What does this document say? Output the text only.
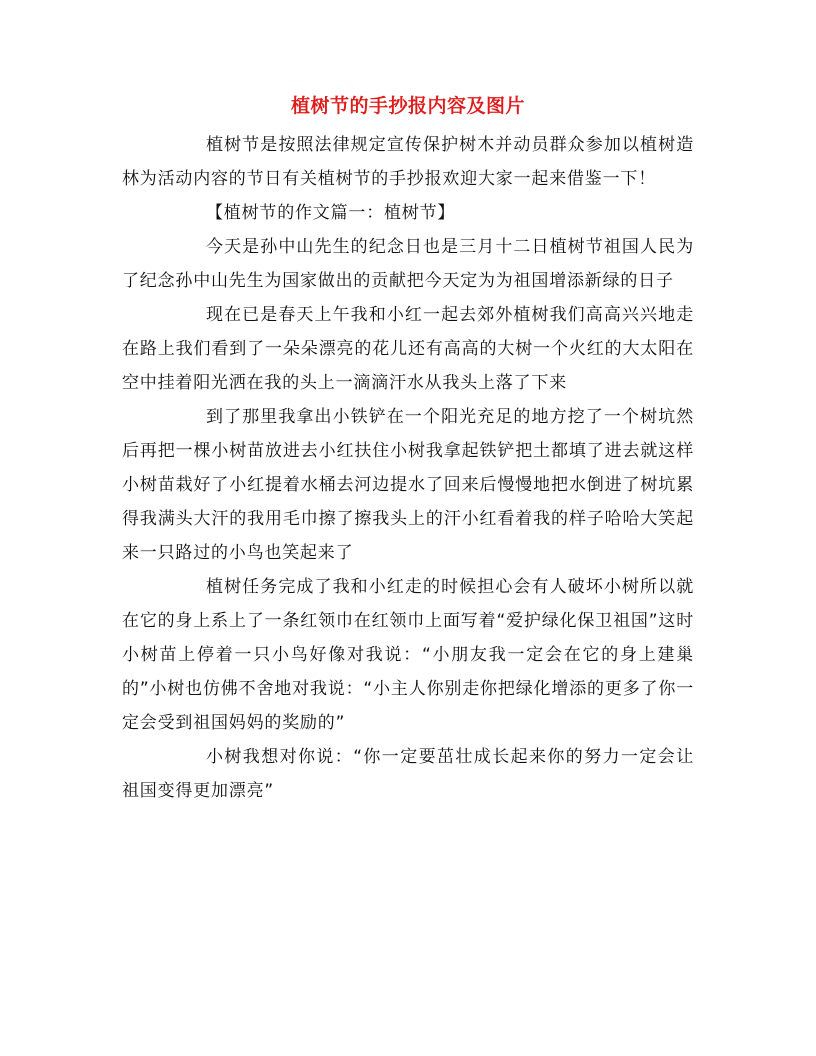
植树节的手抄报内容及图片

植树节是按照法律规定宣传保护树木并动员群众参加以植树造林为活动内容的节日有关植树节的手抄报欢迎大家一起来借鉴一下！

【植树节的作文篇一：植树节】

今天是孙中山先生的纪念日也是三月十二日植树节祖国人民为了纪念孙中山先生为国家做出的贡献把今天定为为祖国增添新绿的日子

现在已是春天上午我和小红一起去郊外植树我们高高兴兴地走在路上我们看到了一朵朵漂亮的花儿还有高高的大树一个火红的大太阳在空中挂着阳光洒在我的头上一滴滴汗水从我头上落了下来

到了那里我拿出小铁铲在一个阳光充足的地方挖了一个树坑然后再把一棵小树苗放进去小红扶住小树我拿起铁铲把土都填了进去就这样小树苗栽好了小红提着水桶去河边提水了回来后慢慢地把水倒进了树坑累得我满头大汗的我用毛巾擦了擦我头上的汗小红看着我的样子哈哈大笑起来一只路过的小鸟也笑起来了

植树任务完成了我和小红走的时候担心会有人破坏小树所以就在它的身上系上了一条红领巾在红领巾上面写着“爱护绿化保卫祖国”这时小树苗上停着一只小鸟好像对我说：“小朋友我一定会在它的身上建巢的”小树也仿佛不舍地对我说：“小主人你别走你把绿化增添的更多了你一定会受到祖国妈妈的奖励的”

小树我想对你说：“你一定要茁壮成长起来你的努力一定会让祖国变得更加漂亮”
